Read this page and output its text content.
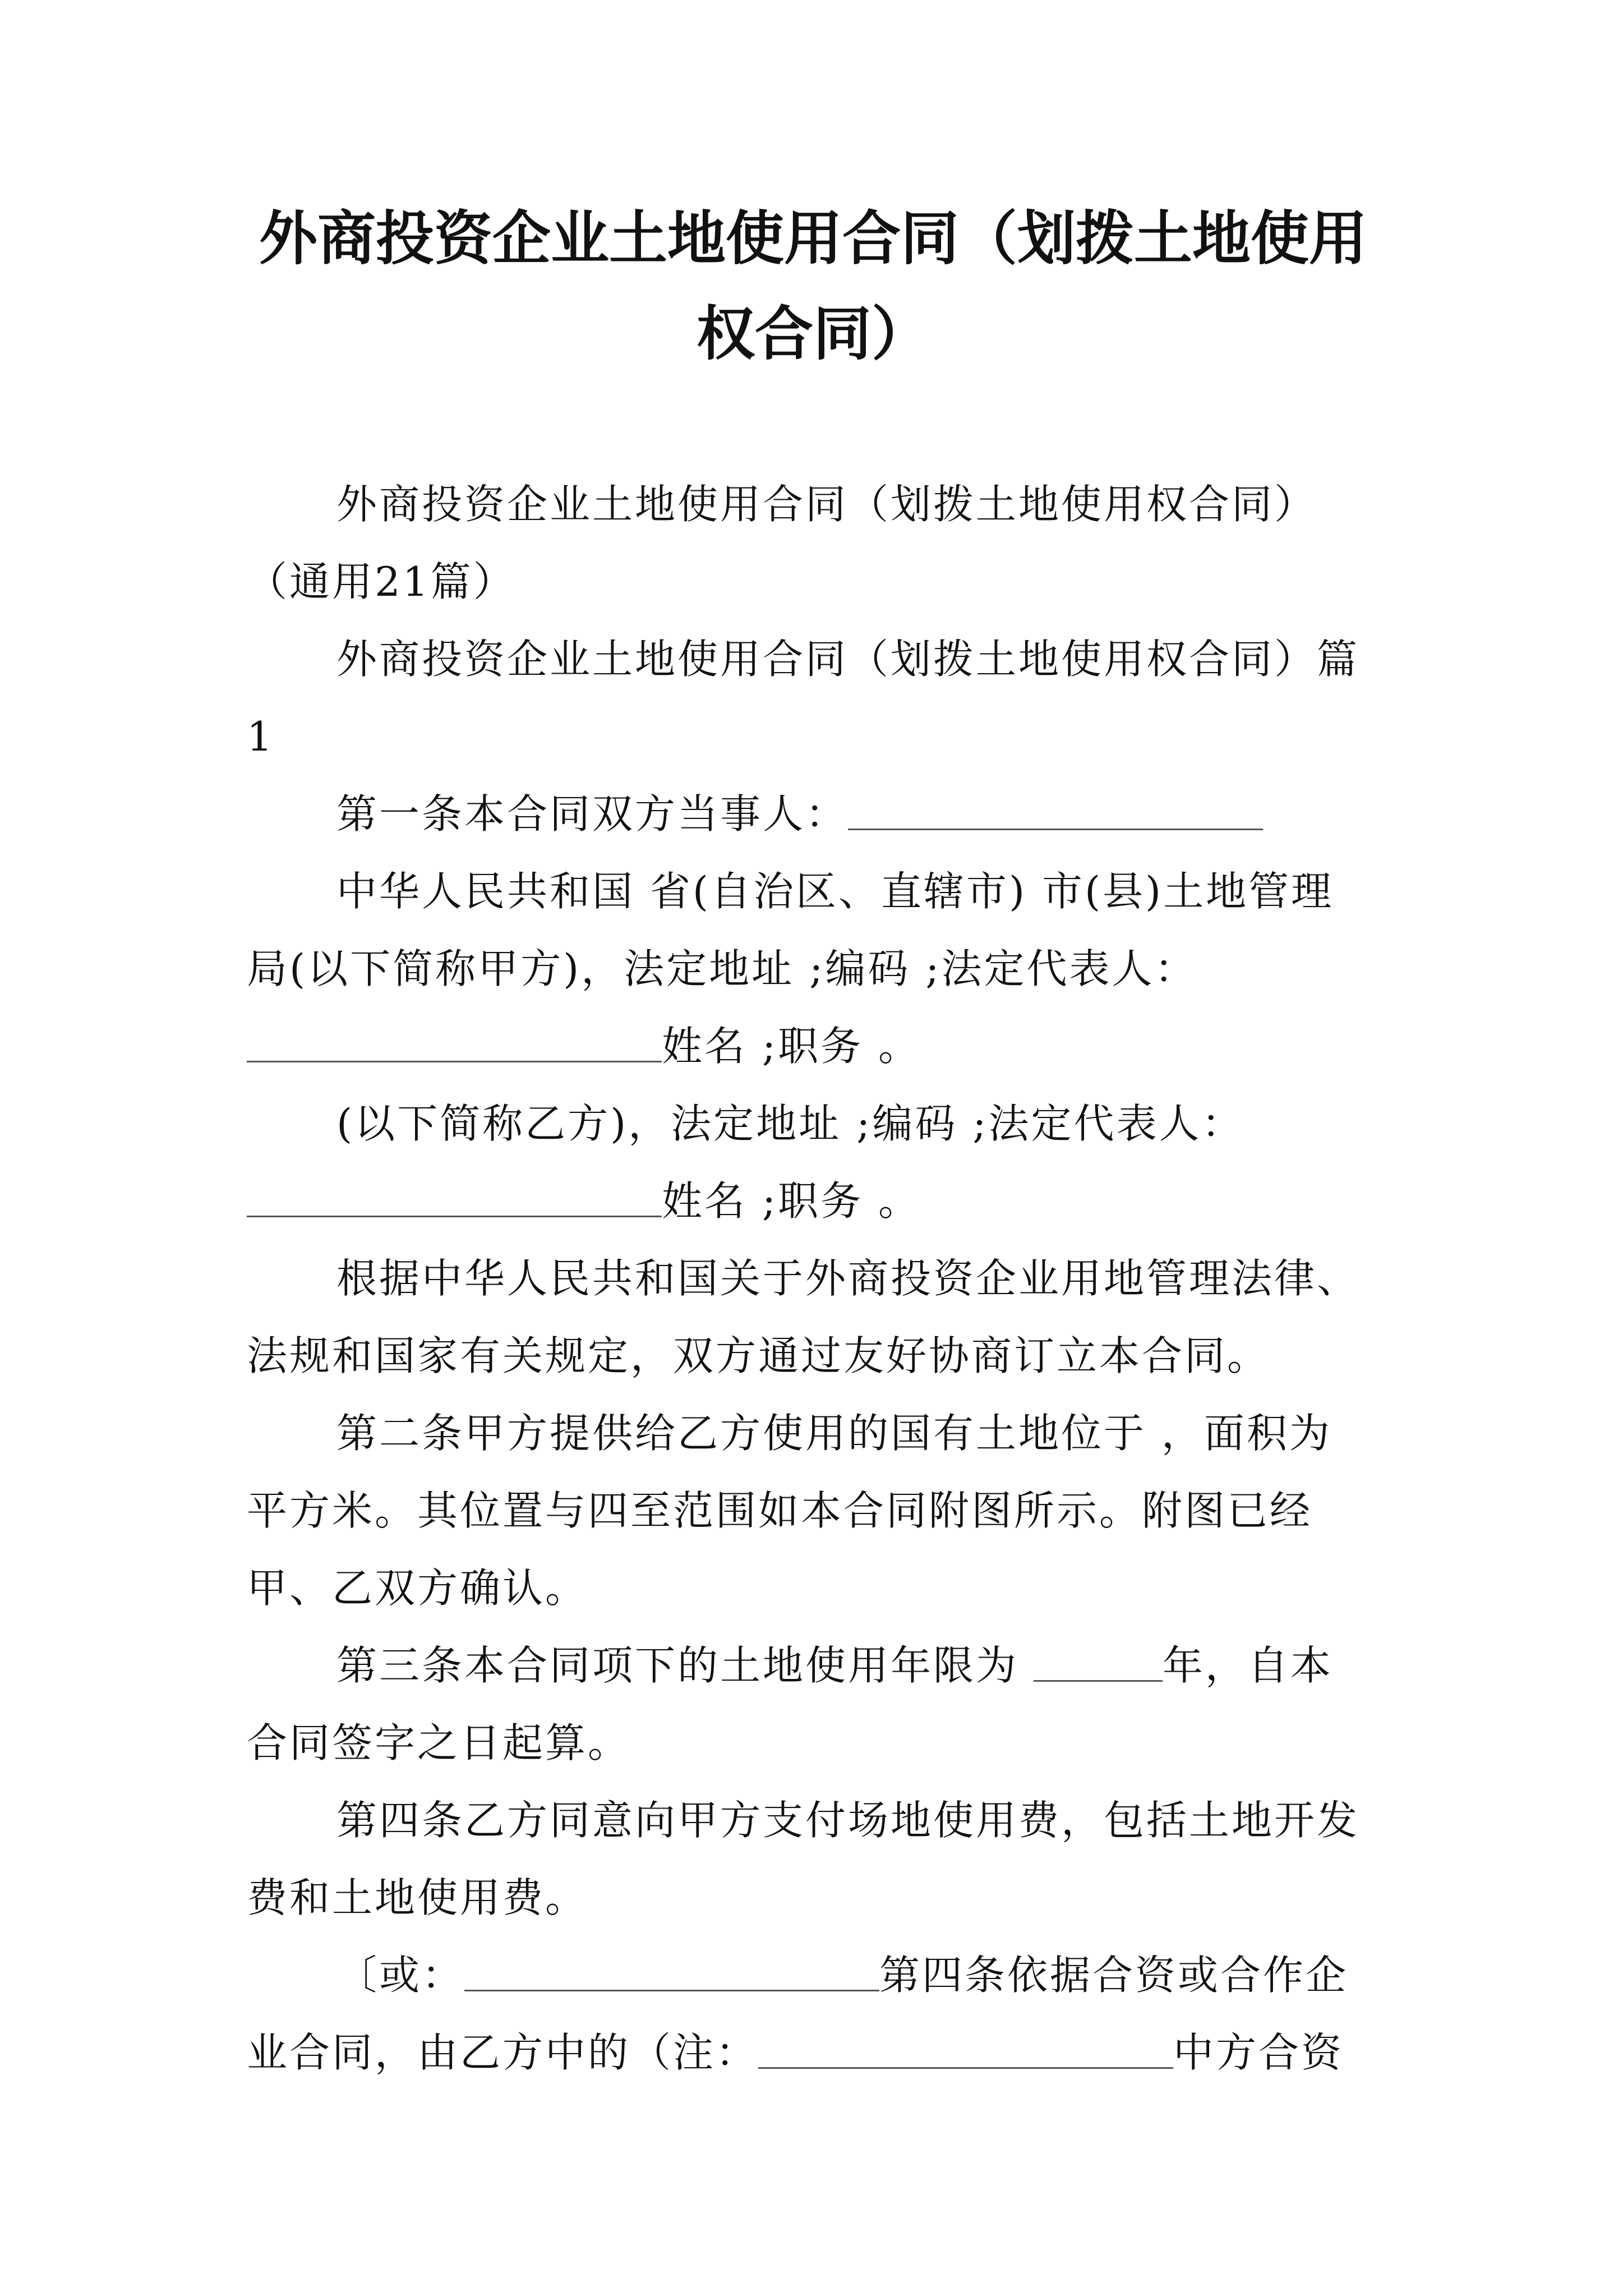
外商投资企业土地使用合同（划拨土地使用
权合同）

外商投资企业土地使用合同（划拨土地使用权合同）（通用21篇）

外商投资企业土地使用合同（划拨土地使用权合同）篇1

第一条本合同双方当事人：

中华人民共和国 省(自治区、直辖市) 市(县)土地管理局(以下简称甲方)，法定地址 ;编码 ;法定代表人：
姓名 ;职务 。

(以下简称乙方)，法定地址 ;编码 ;法定代表人：
姓名 ;职务 。

根据中华人民共和国关于外商投资企业用地管理法律、法规和国家有关规定，双方通过友好协商订立本合同。

第二条甲方提供给乙方使用的国有土地位于 ，面积为平方米。其位置与四至范围如本合同附图所示。附图已经甲、乙双方确认。

第三条本合同项下的土地使用年限为	年，自本合同签字之日起算。

第四条乙方同意向甲方支付场地使用费，包括土地开发费和土地使用费。

〔或：	第四条依据合资或合作企业合同，由乙方中的（注：	中方合资
